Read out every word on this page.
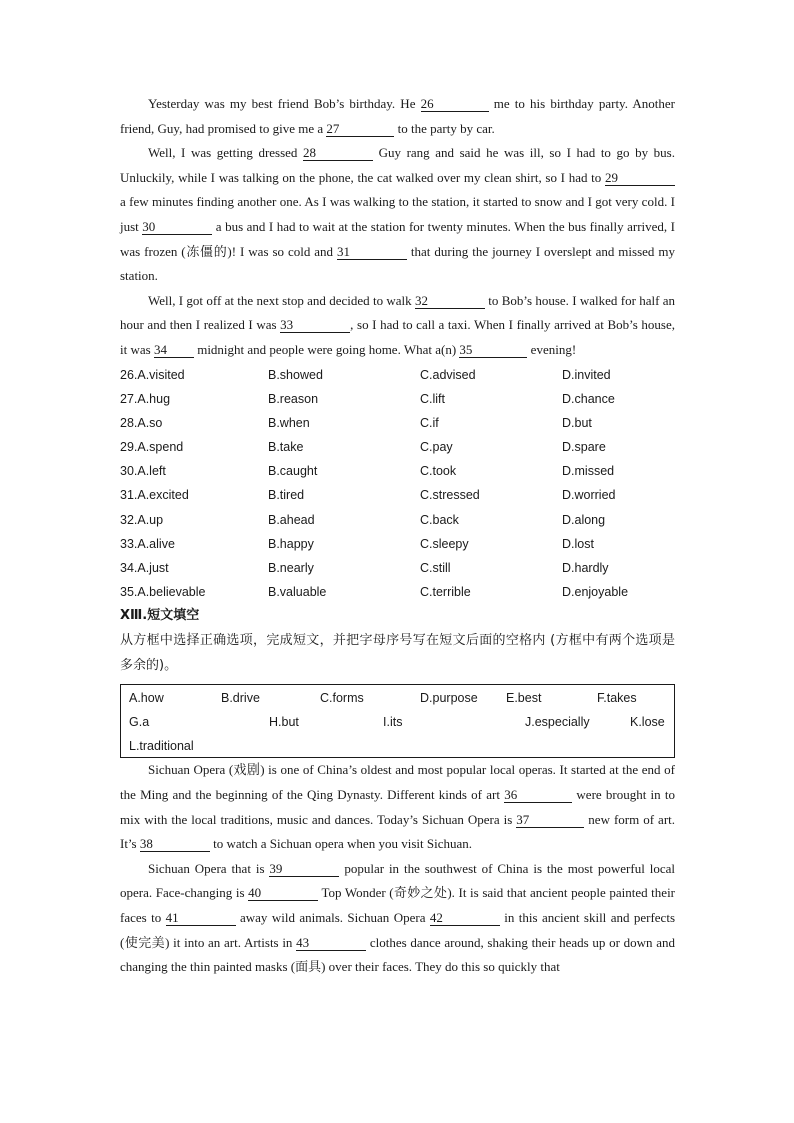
Yesterday was my best friend Bob’s birthday. He 26	me to his birthday party. Another friend, Guy, had promised to give me a 27	to the party by car.

Well, I was getting dressed 28	Guy rang and said he was ill, so I had to go by bus. Unluckily, while I was talking on the phone, the cat walked over my clean shirt, so I had to 29 a few minutes finding another one. As I was walking to the station, it started to snow and I got very cold. I just 30	a bus and I had to wait at the station for twenty minutes. When the bus finally arrived, I was frozen (冻僵的)! I was so cold and 31	that during the journey I overslept and missed my station.

Well, I got off at the next stop and decided to walk 32	to Bob’s house. I walked for half an hour and then I realized I was 33	, so I had to call a taxi. When I finally arrived at Bob’s house, it was 34 midnight and people were going home. What a(n) 35	evening!

26.A.visited	B.showed	C.advised	D.invited
27.A.hug	B.reason	C.lift	D.chance
28.A.so	B.when	C.if	D.but
29.A.spend	B.take	C.pay	D.spare
30.A.left	B.caught	C.took	D.missed
31.A.excited	B.tired	C.stressed	D.worried
32.A.up	B.ahead	C.back	D.along
33.A.alive	B.happy	C.sleepy	D.lost
34.A.just	B.nearly	C.still	D.hardly
35.A.believable	B.valuable	C.terrible	D.enjoyable
ⅩⅢ.短文填空

从方框中选择正确选项，完成短文，并把字母序号写在短文后面的空格内 (方框中有两个选项是多余的)。

A.how	B.drive	C.forms	D.purpose E.best	F.takes
G.a	H.but	I.its	J.especially	K.lose
L.traditional

Sichuan Opera (戏剧) is one of China’s oldest and most popular local operas. It started at the end of the Ming and the beginning of the Qing Dynasty. Different kinds of art 36	were brought in to mix with the local traditions, music and dances. Today’s Sichuan Opera is 37	new form of art. It’s 38	to watch a Sichuan opera when you visit Sichuan.

Sichuan Opera that is 39	popular in the southwest of China is the most powerful local opera. Face-changing is 40	Top Wonder (奇妙之处). It is said that ancient people painted their faces to 41	away wild animals. Sichuan Opera 42	in this ancient skill and perfects (使完美) it into an art. Artists in 43	clothes dance around, shaking their heads up or down and changing the thin painted masks (面具) over their faces. They do this so quickly that
